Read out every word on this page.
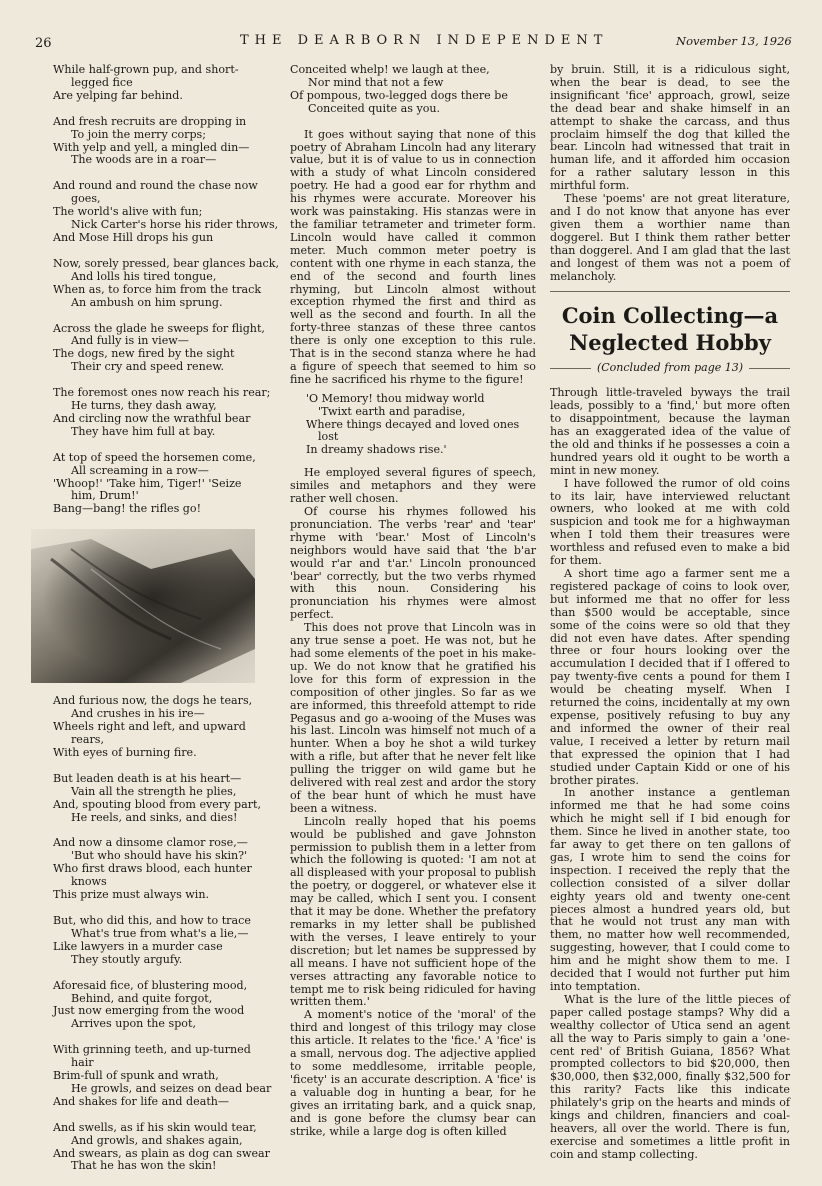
26	THE DEARBORN INDEPENDENT	November 13, 1926
While half-grown pup, and short-
legged fice
Are yelping far behind.
And fresh recruits are dropping in
To join the merry corps;
With yelp and yell, a mingled din—
The woods are in a roar—
And round and round the chase now
goes,
The world's alive with fun;
Nick Carter's horse his rider throws,
And Mose Hill drops his gun
Now, sorely pressed, bear glances back,
And lolls his tired tongue,
When as, to force him from the track
An ambush on him sprung.
Across the glade he sweeps for flight,
And fully is in view—
The dogs, new fired by the sight
Their cry and speed renew.
The foremost ones now reach his rear;
He turns, they dash away,
And circling now the wrathful bear
They have him full at bay.
At top of speed the horsemen come,
All screaming in a row—
'Whoop!' 'Take him, Tiger!' 'Seize
him, Drum!'
Bang—bang! the rifles go!
And furious now, the dogs he tears,
And crushes in his ire—
Wheels right and left, and upward
rears,
With eyes of burning fire.
But leaden death is at his heart—
Vain all the strength he plies,
And, spouting blood from every part,
He reels, and sinks, and dies!
And now a dinsome clamor rose,—
'But who should have his skin?'
Who first draws blood, each hunter
knows
This prize must always win.
But, who did this, and how to trace
What's true from what's a lie,—
Like lawyers in a murder case
They stoutly argufy.
Aforesaid fice, of blustering mood,
Behind, and quite forgot,
Just now emerging from the wood
Arrives upon the spot,
With grinning teeth, and up-turned
hair
Brim-full of spunk and wrath,
He growls, and seizes on dead bear
And shakes for life and death—
And swells, as if his skin would tear,
And growls, and shakes again,
And swears, as plain as dog can swear
That he has won the skin!
Conceited whelp! we laugh at thee,
Nor mind that not a few
Of pompous, two-legged dogs there be
Conceited quite as you.

It goes without saying that none of this poetry of Abraham Lincoln had any literary value, but it is of value to us in connection with a study of what Lincoln considered poetry. He had a good ear for rhythm and his rhymes were accurate. Moreover his work was painstaking. His stanzas were in the familiar tetrameter and trimeter form. Lincoln would have called it common meter. Much common meter poetry is content with one rhyme in each stanza, the end of the second and fourth lines rhyming, but Lincoln almost without exception rhymed the first and third as well as the second and fourth. In all the forty-three stanzas of these three cantos there is only one exception to this rule. That is in the second stanza where he had a figure of speech that seemed to him so fine he sacrificed his rhyme to the figure!

'O Memory! thou midway world
'Twixt earth and paradise,
Where things decayed and loved ones
lost
In dreamy shadows rise.'

He employed several figures of speech, similes and metaphors and they were rather well chosen.

Of course his rhymes followed his pronunciation. The verbs 'rear' and 'tear' rhyme with 'bear.' Most of Lincoln's neighbors would have said that 'the b'ar would r'ar and t'ar.' Lincoln pronounced 'bear' correctly, but the two verbs rhymed with this noun. Considering his pronunciation his rhymes were almost perfect.

This does not prove that Lincoln was in any true sense a poet. He was not, but he had some elements of the poet in his make-up. We do not know that he gratified his love for this form of expression in the composition of other jingles. So far as we are informed, this threefold attempt to ride Pegasus and go a-wooing of the Muses was his last. Lincoln was himself not much of a hunter. When a boy he shot a wild turkey with a rifle, but after that he never felt like pulling the trigger on wild game but he delivered with real zest and ardor the story of the bear hunt of which he must have been a witness.

Lincoln really hoped that his poems would be published and gave Johnston permission to publish them in a letter from which the following is quoted: 'I am not at all displeased with your proposal to publish the poetry, or doggerel, or whatever else it may be called, which I sent you. I consent that it may be done. Whether the prefatory remarks in my letter shall be published with the verses, I leave entirely to your discretion; but let names be suppressed by all means. I have not sufficient hope of the verses attracting any favorable notice to tempt me to risk being ridiculed for having written them.'

A moment's notice of the 'moral' of the third and longest of this trilogy may close this article. It relates to the 'fice.' A 'fice' is a small, nervous dog. The adjective applied to some meddlesome, irritable people, 'ficety' is an accurate description. A 'fice' is a valuable dog in hunting a bear, for he gives an irritating bark, and a quick snap, and is gone before the clumsy bear can strike, while a large dog is often killed

by bruin. Still, it is a ridiculous sight, when the bear is dead, to see the insignificant 'fice' approach, growl, seize the dead bear and shake himself in an attempt to shake the carcass, and thus proclaim himself the dog that killed the bear. Lincoln had witnessed that trait in human life, and it afforded him occasion for a rather salutary lesson in this mirthful form.

These 'poems' are not great literature, and I do not know that anyone has ever given them a worthier name than doggerel. But I think them rather better than doggerel. And I am glad that the last and longest of them was not a poem of melancholy.

Coin Collecting—a Neglected Hobby
(Concluded from page 13)

Through little-traveled byways the trail leads, possibly to a 'find,' but more often to disappointment, because the layman has an exaggerated idea of the value of the old and thinks if he possesses a coin a hundred years old it ought to be worth a mint in new money.

I have followed the rumor of old coins to its lair, have interviewed reluctant owners, who looked at me with cold suspicion and took me for a highwayman when I told them their treasures were worthless and refused even to make a bid for them.

A short time ago a farmer sent me a registered package of coins to look over, but informed me that no offer for less than $500 would be acceptable, since some of the coins were so old that they did not even have dates. After spending three or four hours looking over the accumulation I decided that if I offered to pay twenty-five cents a pound for them I would be cheating myself. When I returned the coins, incidentally at my own expense, positively refusing to buy any and informed the owner of their real value, I received a letter by return mail that expressed the opinion that I had studied under Captain Kidd or one of his brother pirates.

In another instance a gentleman informed me that he had some coins which he might sell if I bid enough for them. Since he lived in another state, too far away to get there on ten gallons of gas, I wrote him to send the coins for inspection. I received the reply that the collection consisted of a silver dollar eighty years old and twenty one-cent pieces almost a hundred years old, but that he would not trust any man with them, no matter how well recommended, suggesting, however, that I could come to him and he might show them to me. I decided that I would not further put him into temptation.

What is the lure of the little pieces of paper called postage stamps? Why did a wealthy collector of Utica send an agent all the way to Paris simply to gain a 'one-cent red' of British Guiana, 1856? What prompted collectors to bid $20,000, then $30,000, then $32,000, finally $32,500 for this rarity? Facts like this indicate philately's grip on the hearts and minds of kings and children, financiers and coal-heavers, all over the world. There is fun, exercise and sometimes a little profit in coin and stamp collecting.
